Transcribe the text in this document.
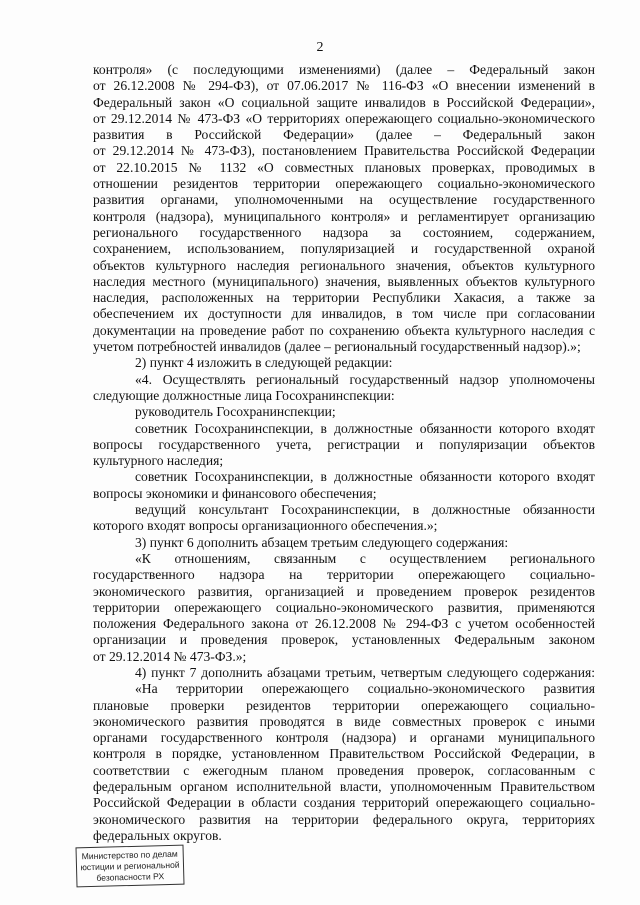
2
контроля» (с последующими изменениями) (далее – Федеральный закон
от 26.12.2008 № 294-ФЗ), от 07.06.2017 № 116-ФЗ «О внесении изменений в
Федеральный закон «О социальной защите инвалидов в Российской Федерации»,
от 29.12.2014 № 473-ФЗ «О территориях опережающего социально-экономического
развития в Российской Федерации» (далее – Федеральный закон
от 29.12.2014 № 473-ФЗ), постановлением Правительства Российской Федерации
от 22.10.2015 № 1132 «О совместных плановых проверках, проводимых в
отношении резидентов территории опережающего социально-экономического
развития органами, уполномоченными на осуществление государственного
контроля (надзора), муниципального контроля» и регламентирует организацию
регионального государственного надзора за состоянием, содержанием,
сохранением, использованием, популяризацией и государственной охраной
объектов культурного наследия регионального значения, объектов культурного
наследия местного (муниципального) значения, выявленных объектов культурного
наследия, расположенных на территории Республики Хакасия, а также за
обеспечением их доступности для инвалидов, в том числе при согласовании
документации на проведение работ по сохранению объекта культурного наследия с
учетом потребностей инвалидов (далее – региональный государственный надзор).»;
2) пункт 4 изложить в следующей редакции:
«4. Осуществлять региональный государственный надзор уполномочены
следующие должностные лица Госохранинспекции:
руководитель Госохранинспекции;
советник Госохранинспекции, в должностные обязанности которого входят
вопросы государственного учета, регистрации и популяризации объектов
культурного наследия;
советник Госохранинспекции, в должностные обязанности которого входят
вопросы экономики и финансового обеспечения;
ведущий консультант Госохранинспекции, в должностные обязанности
которого входят вопросы организационного обеспечения.»;
3) пункт 6 дополнить абзацем третьим следующего содержания:
«К отношениям, связанным с осуществлением регионального
государственного надзора на территории опережающего социально-
экономического развития, организацией и проведением проверок резидентов
территории опережающего социально-экономического развития, применяются
положения Федерального закона от 26.12.2008 № 294-ФЗ с учетом особенностей
организации и проведения проверок, установленных Федеральным законом
от 29.12.2014 № 473-ФЗ.»;
4) пункт 7 дополнить абзацами третьим, четвертым следующего содержания:
«На территории опережающего социально-экономического развития
плановые проверки резидентов территории опережающего социально-
экономического развития проводятся в виде совместных проверок с иными
органами государственного контроля (надзора) и органами муниципального
контроля в порядке, установленном Правительством Российской Федерации, в
соответствии с ежегодным планом проведения проверок, согласованным с
федеральным органом исполнительной власти, уполномоченным Правительством
Российской Федерации в области создания территорий опережающего социально-
экономического развития на территории федерального округа, территориях
федеральных округов.
Министерство по делам
юстиции и региональной
безопасности РХ
